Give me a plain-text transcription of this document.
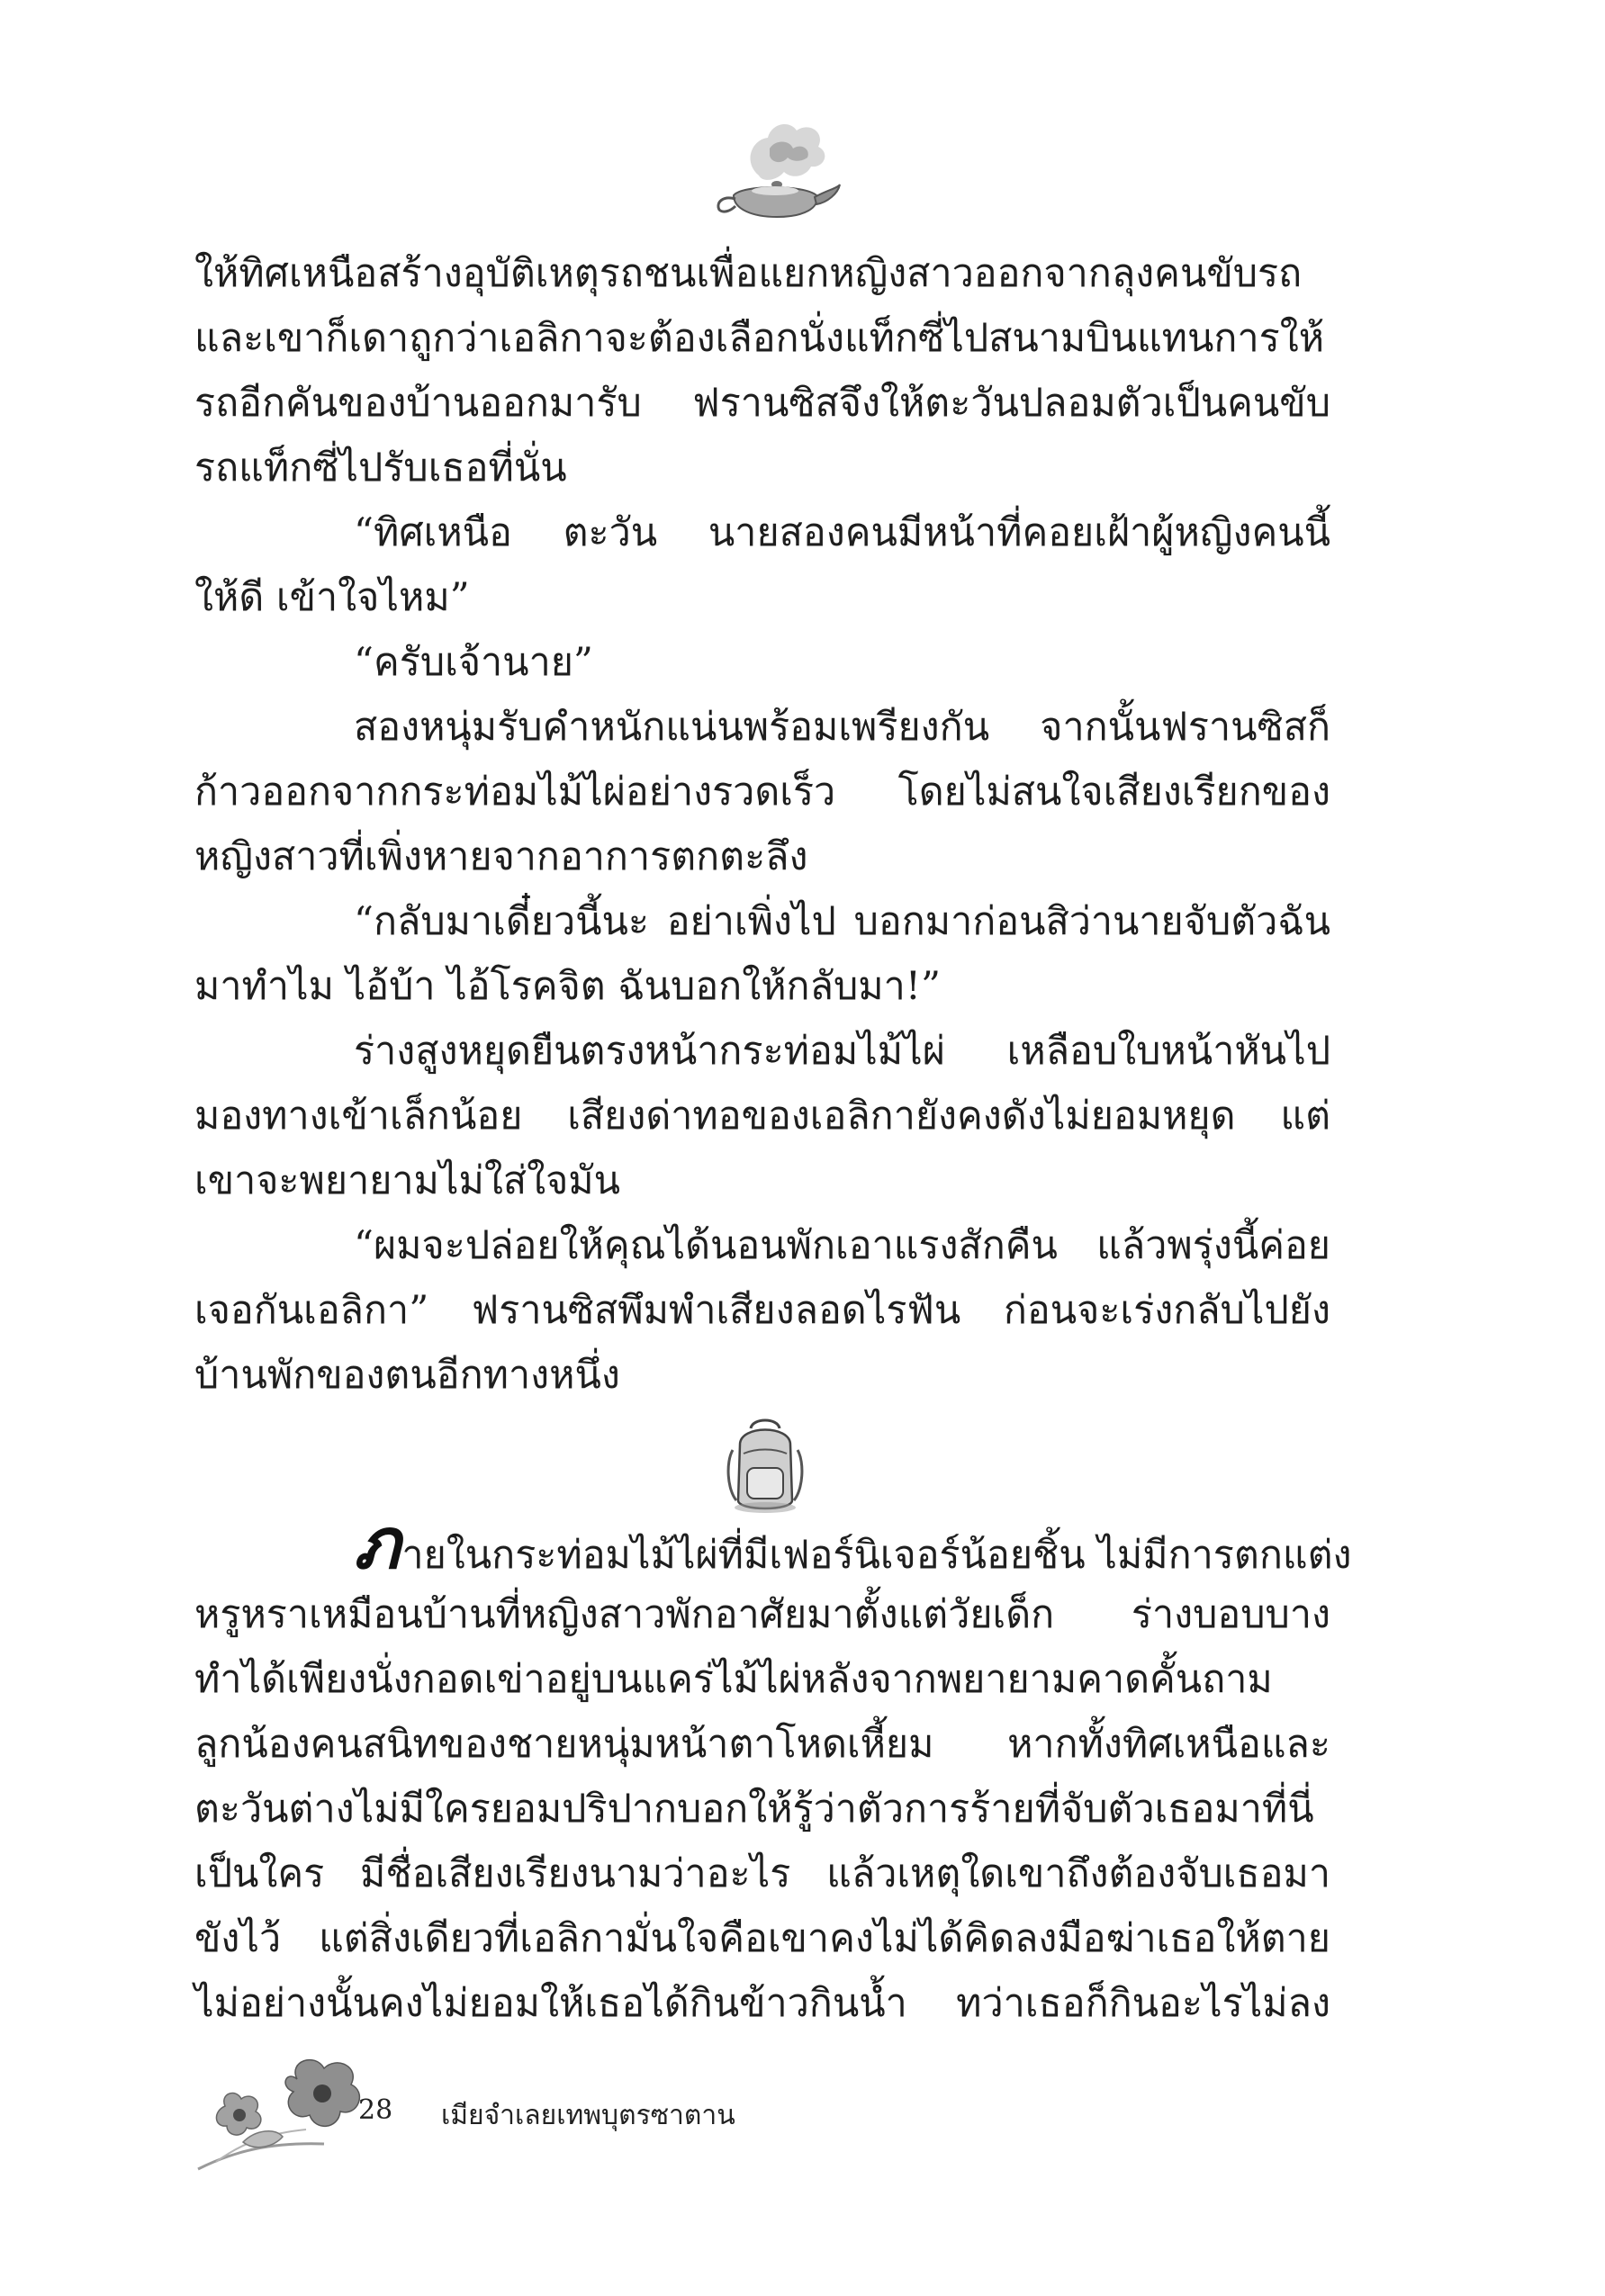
ให้ทิศเหนือสร้างอุบัติเหตุรถชนเพื่อแยกหญิงสาวออกจากลุงคนขับรถ
และเขาก็เดาถูกว่าเอลิกาจะต้องเลือกนั่งแท็กซี่ไปสนามบินแทนการให้
รถอีกคันของบ้านออกมารับ ฟรานซิสจึงให้ตะวันปลอมตัวเป็นคนขับ
รถแท็กซี่ไปรับเธอที่นั่น
“ทิศเหนือ ตะวัน นายสองคนมีหน้าที่คอยเฝ้าผู้หญิงคนนี้
ให้ดี เข้าใจไหม”
“ครับเจ้านาย”
สองหนุ่มรับคำหนักแน่นพร้อมเพรียงกัน จากนั้นฟรานซิสก็
ก้าวออกจากกระท่อมไม้ไผ่อย่างรวดเร็ว โดยไม่สนใจเสียงเรียกของ
หญิงสาวที่เพิ่งหายจากอาการตกตะลึง
“กลับมาเดี๋ยวนี้นะ อย่าเพิ่งไป บอกมาก่อนสิว่านายจับตัวฉัน
มาทำไม ไอ้บ้า ไอ้โรคจิต ฉันบอกให้กลับมา!”
ร่างสูงหยุดยืนตรงหน้ากระท่อมไม้ไผ่ เหลือบใบหน้าหันไป
มองทางเข้าเล็กน้อย เสียงด่าทอของเอลิกายังคงดังไม่ยอมหยุด แต่
เขาจะพยายามไม่ใส่ใจมัน
“ผมจะปล่อยให้คุณได้นอนพักเอาแรงสักคืน แล้วพรุ่งนี้ค่อย
เจอกันเอลิกา” ฟรานซิสพึมพำเสียงลอดไรฟัน ก่อนจะเร่งกลับไปยัง
บ้านพักของตนอีกทางหนึ่ง
ภายในกระท่อมไม้ไผ่ที่มีเฟอร์นิเจอร์น้อยชิ้น ไม่มีการตกแต่ง
หรูหราเหมือนบ้านที่หญิงสาวพักอาศัยมาตั้งแต่วัยเด็ก ร่างบอบบาง
ทำได้เพียงนั่งกอดเข่าอยู่บนแคร่ไม้ไผ่หลังจากพยายามคาดคั้นถาม
ลูกน้องคนสนิทของชายหนุ่มหน้าตาโหดเหี้ยม หากทั้งทิศเหนือและ
ตะวันต่างไม่มีใครยอมปริปากบอกให้รู้ว่าตัวการร้ายที่จับตัวเธอมาที่นี่
เป็นใคร มีชื่อเสียงเรียงนามว่าอะไร แล้วเหตุใดเขาถึงต้องจับเธอมา
ขังไว้ แต่สิ่งเดียวที่เอลิกามั่นใจคือเขาคงไม่ได้คิดลงมือฆ่าเธอให้ตาย
ไม่อย่างนั้นคงไม่ยอมให้เธอได้กินข้าวกินน้ำ ทว่าเธอก็กินอะไรไม่ลง
28 เมียจำเลยเทพบุตรซาตาน
